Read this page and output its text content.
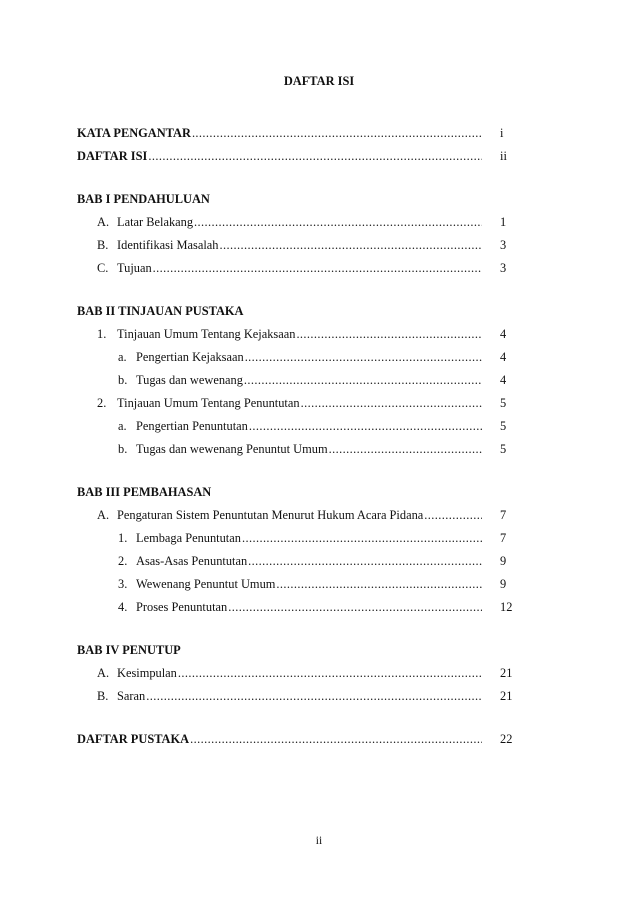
DAFTAR ISI
KATA PENGANTAR .....	i
DAFTAR ISI .....	ii
BAB I PENDAHULUAN
A. Latar Belakang .....	1
B. Identifikasi Masalah .....	3
C. Tujuan .....	3
BAB II TINJAUAN PUSTAKA
1. Tinjauan Umum Tentang Kejaksaan .....	4
a. Pengertian Kejaksaan .....	4
b. Tugas dan wewenang .....	4
2. Tinjauan Umum Tentang Penuntutan .....	5
a. Pengertian Penuntutan .....	5
b. Tugas dan wewenang Penuntut Umum .....	5
BAB III PEMBAHASAN
A. Pengaturan Sistem Penuntutan Menurut Hukum Acara Pidana .....	7
1. Lembaga Penuntutan .....	7
2. Asas-Asas Penuntutan .....	9
3. Wewenang Penuntut Umum .....	9
4. Proses Penuntutan .....	12
BAB IV PENUTUP
A. Kesimpulan .....	21
B. Saran .....	21
DAFTAR PUSTAKA .....	22
ii
